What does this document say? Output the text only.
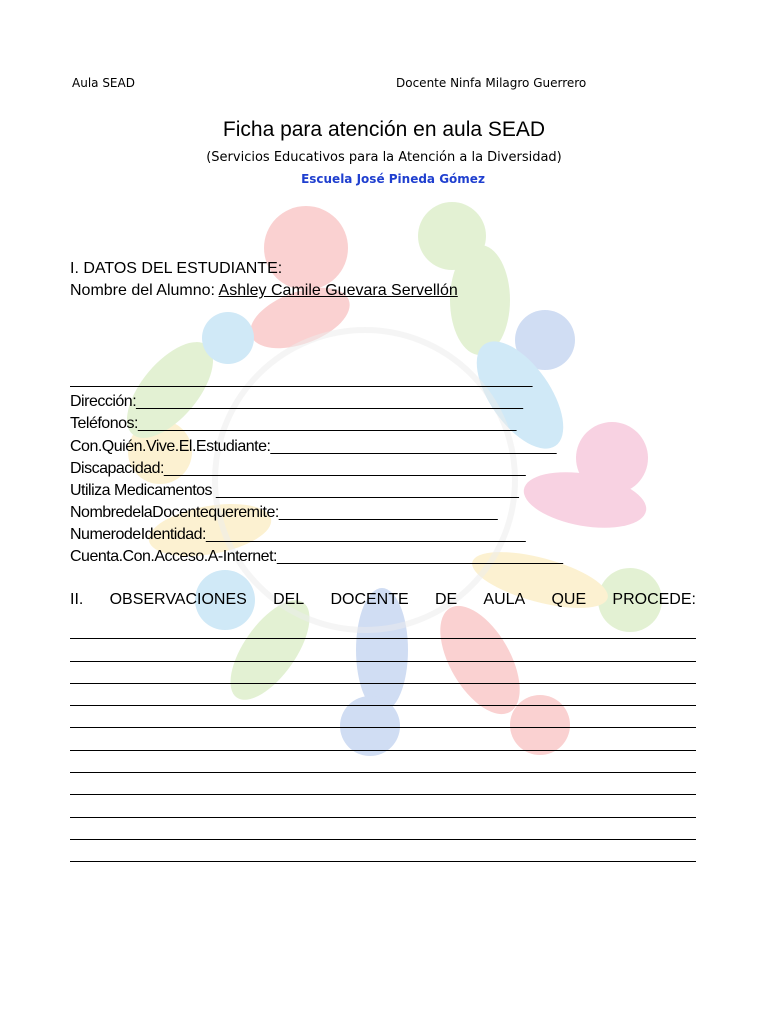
Aula SEAD	Docente Ninfa Milagro Guerrero
Ficha para atención en aula SEAD
(Servicios Educativos para la Atención a la Diversidad)
Escuela José Pineda Gómez
I. DATOS DEL ESTUDIANTE:
Nombre del Alumno: Ashley Camile Guevara Servellón

_______________________________________________________
Dirección:______________________________________________
Teléfonos:_____________________________________________
Con.Quién.Vive.El.Estudiante:__________________________________
Discapacidad:___________________________________________
Utiliza Medicamentos ____________________________________
NombredelaDocentequeremite:__________________________
NumerodeIdentidad:______________________________________
Cuenta.Con.Acceso.A-Internet:__________________________________
II. OBSERVACIONES DEL DOCENTE DE AULA QUE PROCEDE:
